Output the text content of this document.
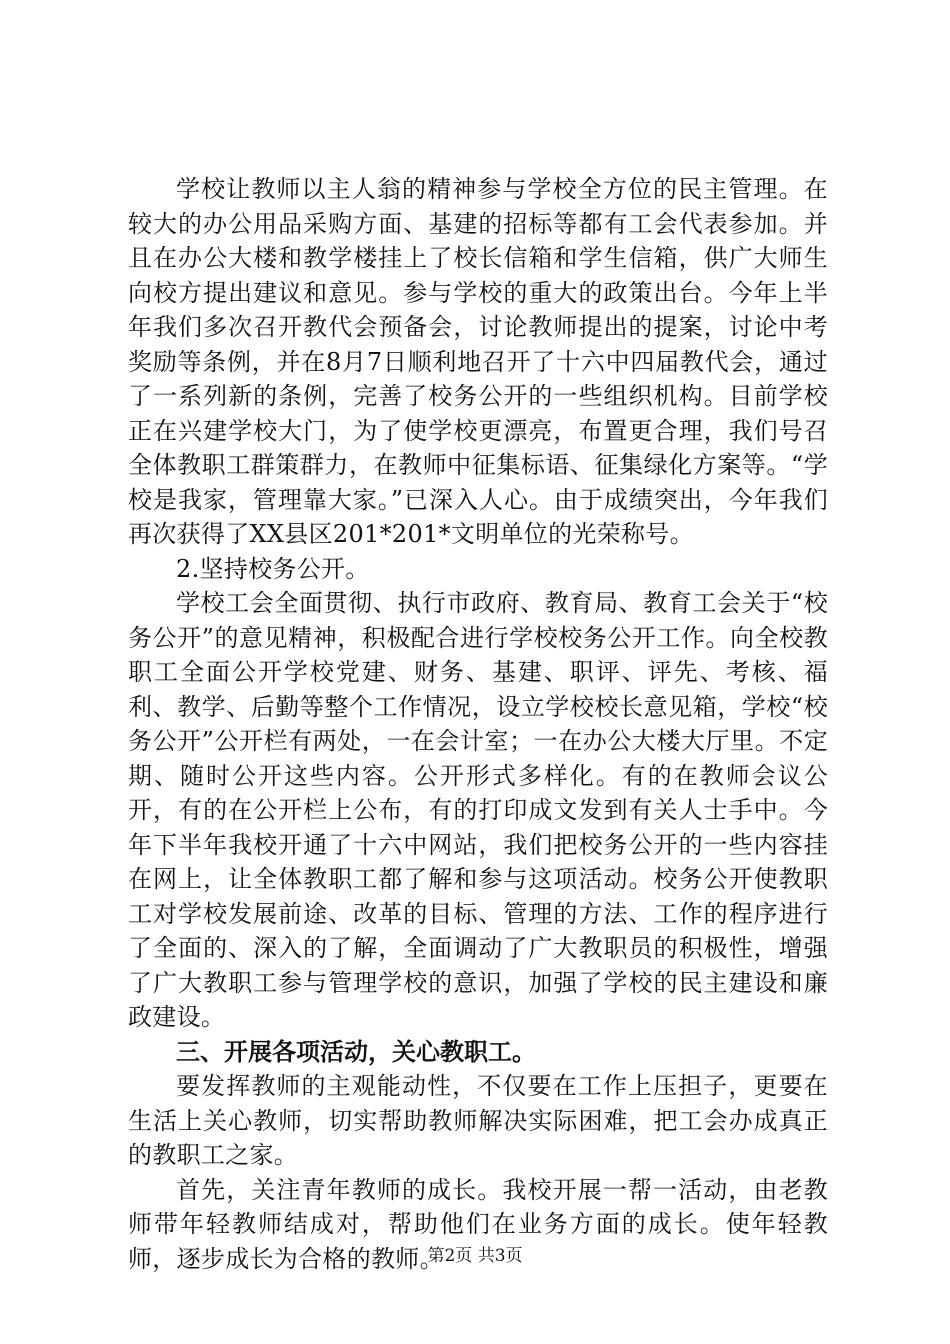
学校让教师以主人翁的精神参与学校全方位的民主管理。在较大的办公用品采购方面、基建的招标等都有工会代表参加。并且在办公大楼和教学楼挂上了校长信箱和学生信箱，供广大师生向校方提出建议和意见。参与学校的重大的政策出台。今年上半年我们多次召开教代会预备会，讨论教师提出的提案，讨论中考奖励等条例，并在8月7日顺利地召开了十六中四届教代会，通过了一系列新的条例，完善了校务公开的一些组织机构。目前学校正在兴建学校大门，为了使学校更漂亮，布置更合理，我们号召全体教职工群策群力，在教师中征集标语、征集绿化方案等。“学校是我家，管理靠大家。”已深入人心。由于成绩突出，今年我们再次获得了XX县区201*201*文明单位的光荣称号。

2.坚持校务公开。

学校工会全面贯彻、执行市政府、教育局、教育工会关于“校务公开”的意见精神，积极配合进行学校校务公开工作。向全校教职工全面公开学校党建、财务、基建、职评、评先、考核、福利、教学、后勤等整个工作情况，设立学校校长意见箱，学校“校务公开”公开栏有两处，一在会计室；一在办公大楼大厅里。不定期、随时公开这些内容。公开形式多样化。有的在教师会议公开，有的在公开栏上公布，有的打印成文发到有关人士手中。今年下半年我校开通了十六中网站，我们把校务公开的一些内容挂在网上，让全体教职工都了解和参与这项活动。校务公开使教职工对学校发展前途、改革的目标、管理的方法、工作的程序进行了全面的、深入的了解，全面调动了广大教职员的积极性，增强了广大教职工参与管理学校的意识，加强了学校的民主建设和廉政建设。

三、开展各项活动，关心教职工。

要发挥教师的主观能动性，不仅要在工作上压担子，更要在生活上关心教师，切实帮助教师解决实际困难，把工会办成真正的教职工之家。

首先，关注青年教师的成长。我校开展一帮一活动，由老教师带年轻教师结成对，帮助他们在业务方面的成长。使年轻教师，逐步成长为合格的教师。

第2页 共3页
